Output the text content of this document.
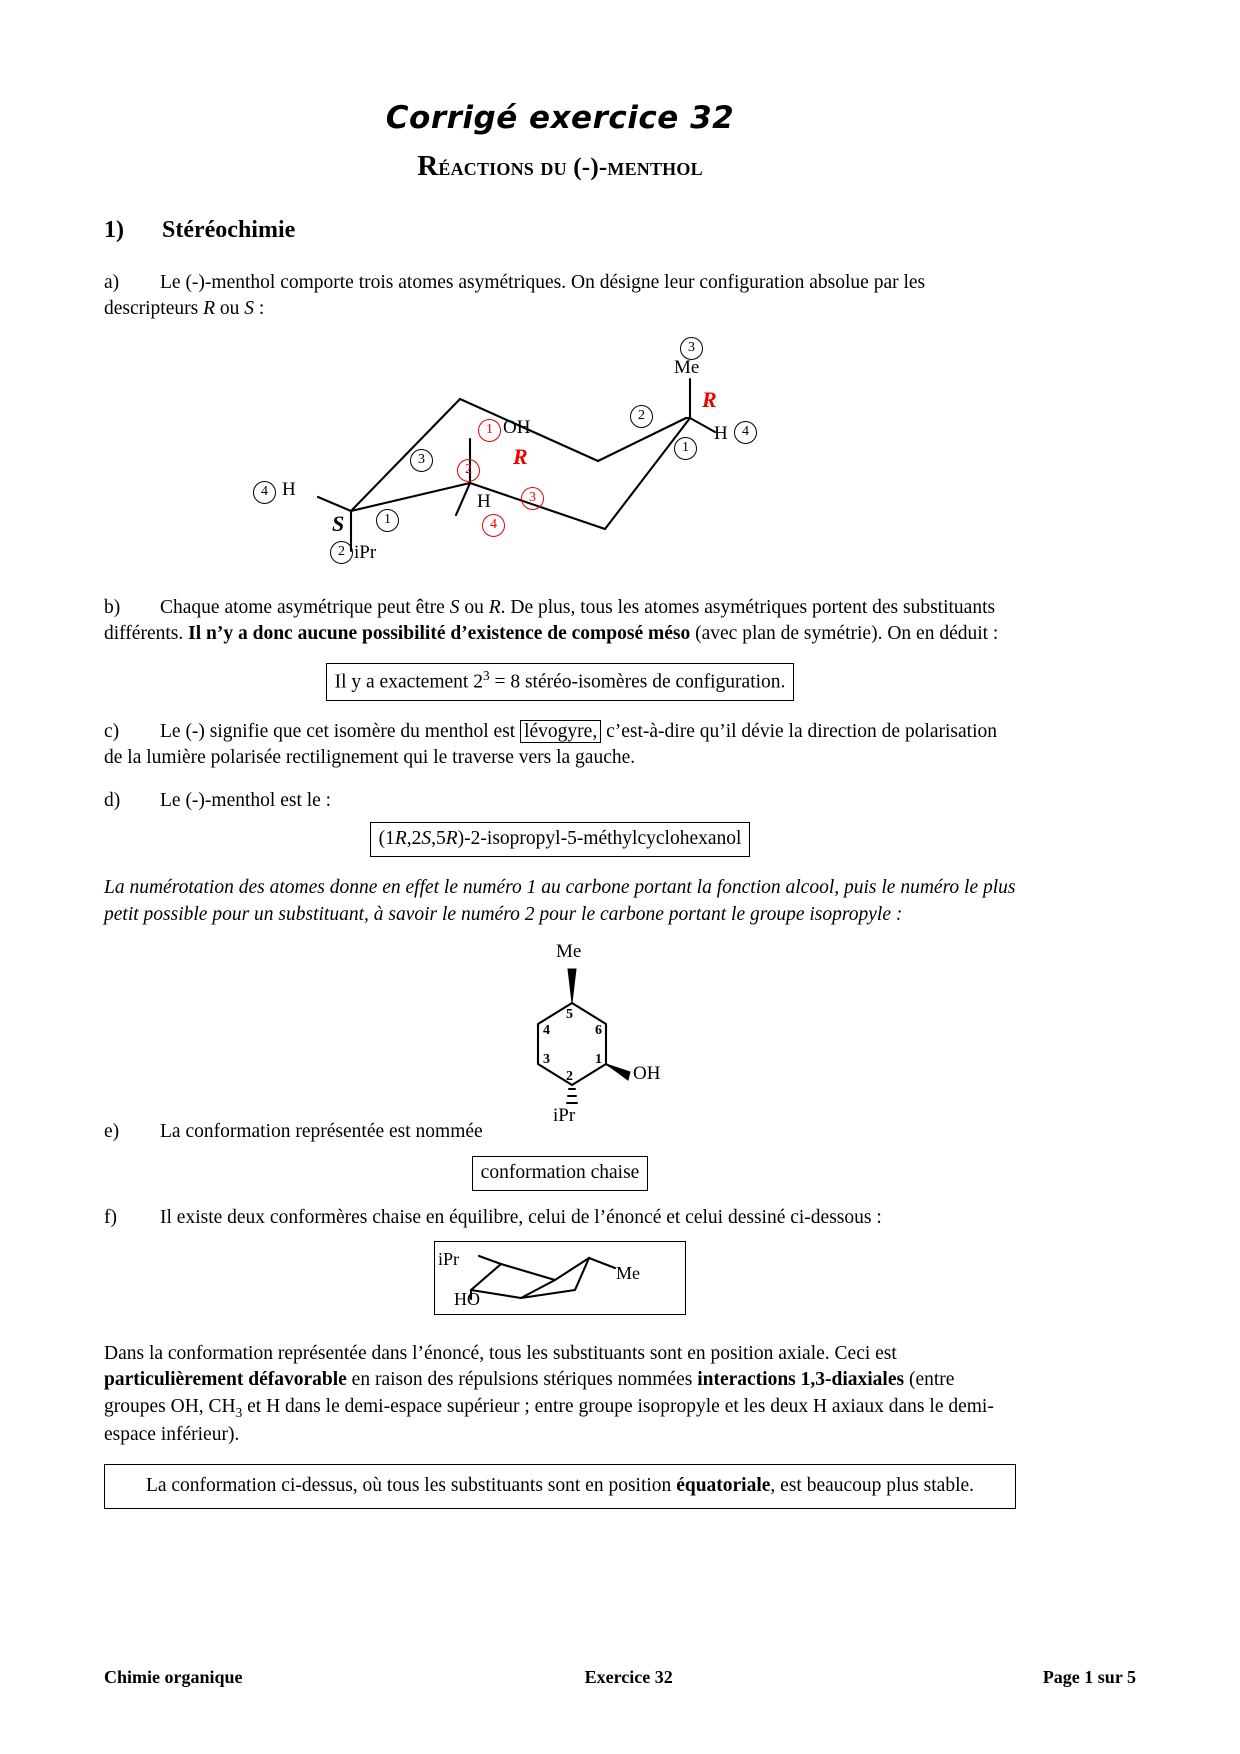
Corrigé exercice 32
Réactions du (-)-menthol
1) Stéréochimie

a) Le (-)-menthol comporte trois atomes asymétriques. On désigne leur configuration absolue par les descripteurs R ou S :

3
Me
R
H	4
1
2
1 OH
R
2
H	3
4
3
4 H
S	1
2 iPr

b) Chaque atome asymétrique peut être S ou R. De plus, tous les atomes asymétriques portent des substituants différents. Il n’y a donc aucune possibilité d’existence de composé méso (avec plan de symétrie). On en déduit :

Il y a exactement $2^3 = 8$ stéréo-isomères de configuration.

c) Le (-) signifie que cet isomère du menthol est lévogyre, c’est-à-dire qu’il dévie la direction de polarisation de la lumière polarisée rectilignement qui le traverse vers la gauche.

d) Le (-)-menthol est le :

(1R,2S,5R)-2-isopropyl-5-méthylcyclohexanol
La numérotation des atomes donne en effet le numéro 1 au carbone portant la fonction alcool, puis le numéro le plus petit possible pour un substituant, à savoir le numéro 2 pour le carbone portant le groupe isopropyle :
Me
OH
iPr
5
4	6
3	1
2

e) La conformation représentée est nommée

conformation chaise

f) Il existe deux conformères chaise en équilibre, celui de l’énoncé et celui dessiné ci-dessous :

iPr
HO
Me

Dans la conformation représentée dans l’énoncé, tous les substituants sont en position axiale. Ceci est particulièrement défavorable en raison des répulsions stériques nommées interactions 1,3-diaxiales (entre groupes OH, $CH_3$ et H dans le demi-espace supérieur ; entre groupe isopropyle et les deux H axiaux dans le demi-espace inférieur).

La conformation ci-dessus, où tous les substituants sont en position équatoriale, est beaucoup plus stable.
Chimie organique	Exercice 32	Page 1 sur 5
